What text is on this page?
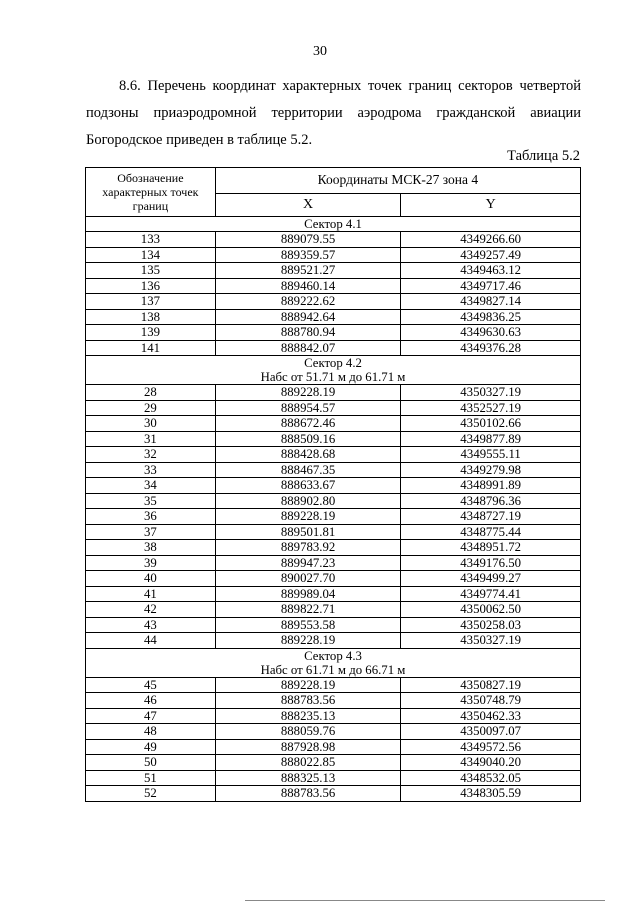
30

8.6. Перечень координат характерных точек границ секторов четвертой

подзоны приаэродромной территории аэродрома гражданской авиации

Богородское приведен в таблице 5.2.

Таблица 5.2
Обозначение характерных точек границ	Координаты МСК-27 зона 4	
	X	Y

Сектор 4.1		

133	889079.55	4349266.60
134	889359.57	4349257.49
135	889521.27	4349463.12
136	889460.14	4349717.46
137	889222.62	4349827.14
138	888942.64	4349836.25
139	888780.94	4349630.63
141	888842.07	4349376.28

Сектор 4.2
Набс от 51.71 м до 61.71 м		

28	889228.19	4350327.19
29	888954.57	4352527.19
30	888672.46	4350102.66
31	888509.16	4349877.89
32	888428.68	4349555.11
33	888467.35	4349279.98
34	888633.67	4348991.89
35	888902.80	4348796.36
36	889228.19	4348727.19
37	889501.81	4348775.44
38	889783.92	4348951.72
39	889947.23	4349176.50
40	890027.70	4349499.27
41	889989.04	4349774.41
42	889822.71	4350062.50
43	889553.58	4350258.03
44	889228.19	4350327.19

Сектор 4.3
Набс от 61.71 м до 66.71 м		

45	889228.19	4350827.19
46	888783.56	4350748.79
47	888235.13	4350462.33
48	888059.76	4350097.07
49	887928.98	4349572.56
50	888022.85	4349040.20
51	888325.13	4348532.05
52	888783.56	4348305.59
